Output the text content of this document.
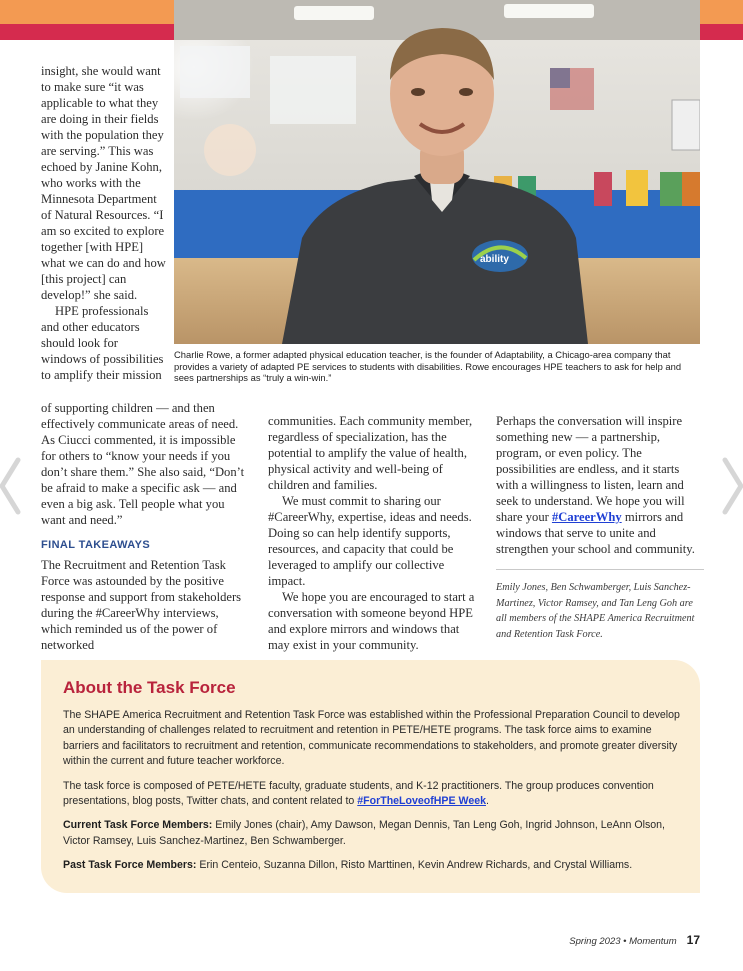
ability
Charlie Rowe, a former adapted physical education teacher, is the founder of Adaptability, a Chicago-area company that provides a variety of adapted PE services to students with disabilities. Rowe encourages HPE teachers to ask for help and sees partnerships as “truly a win-win.”

insight, she would want to make sure “it was applicable to what they are doing in their fields with the population they are serving.” This was echoed by Janine Kohn, who works with the Minnesota Department of Natural Resources. “I am so excited to explore together [with HPE] what we can do and how [this project] can develop!” she said.

HPE professionals and other educators should look for windows of possibilities to amplify their mission

of supporting children — and then effectively communicate areas of need. As Ciucci commented, it is impossible for others to “know your needs if you don’t share them.” She also said, “Don’t be afraid to make a specific ask — and even a big ask. Tell people what you want and need.”

FINAL TAKEAWAYS

The Recruitment and Retention Task Force was astounded by the positive response and support from stakeholders during the #CareerWhy interviews, which reminded us of the power of networked

communities. Each community member, regardless of specialization, has the potential to amplify the value of health, physical activity and well-being of children and families.

We must commit to sharing our #CareerWhy, expertise, ideas and needs. Doing so can help identify supports, resources, and capacity that could be leveraged to amplify our collective impact.

We hope you are encouraged to start a conversation with someone beyond HPE and explore mirrors and windows that may exist in your community.

Perhaps the conversation will inspire something new — a partnership, program, or even policy. The possibilities are endless, and it starts with a willingness to listen, learn and seek to understand. We hope you will share your #CareerWhy mirrors and windows that serve to unite and strengthen your school and community.

Emily Jones, Ben Schwamberger, Luis Sanchez-Martinez, Victor Ramsey, and Tan Leng Goh are all members of the SHAPE America Recruitment and Retention Task Force.

About the Task Force

The SHAPE America Recruitment and Retention Task Force was established within the Professional Preparation Council to develop an understanding of challenges related to recruitment and retention in PETE/HETE programs. The task force aims to examine barriers and facilitators to recruitment and retention, communicate recommendations to stakeholders, and promote greater diversity within the current and future teacher workforce.

The task force is composed of PETE/HETE faculty, graduate students, and K-12 practitioners. The group produces convention presentations, blog posts, Twitter chats, and content related to #ForTheLoveofHPE Week.

Current Task Force Members: Emily Jones (chair), Amy Dawson, Megan Dennis, Tan Leng Goh, Ingrid Johnson, LeAnn Olson, Victor Ramsey, Luis Sanchez-Martinez, Ben Schwamberger.

Past Task Force Members: Erin Centeio, Suzanna Dillon, Risto Marttinen, Kevin Andrew Richards, and Crystal Williams.

Spring 2023 • Momentum 17
